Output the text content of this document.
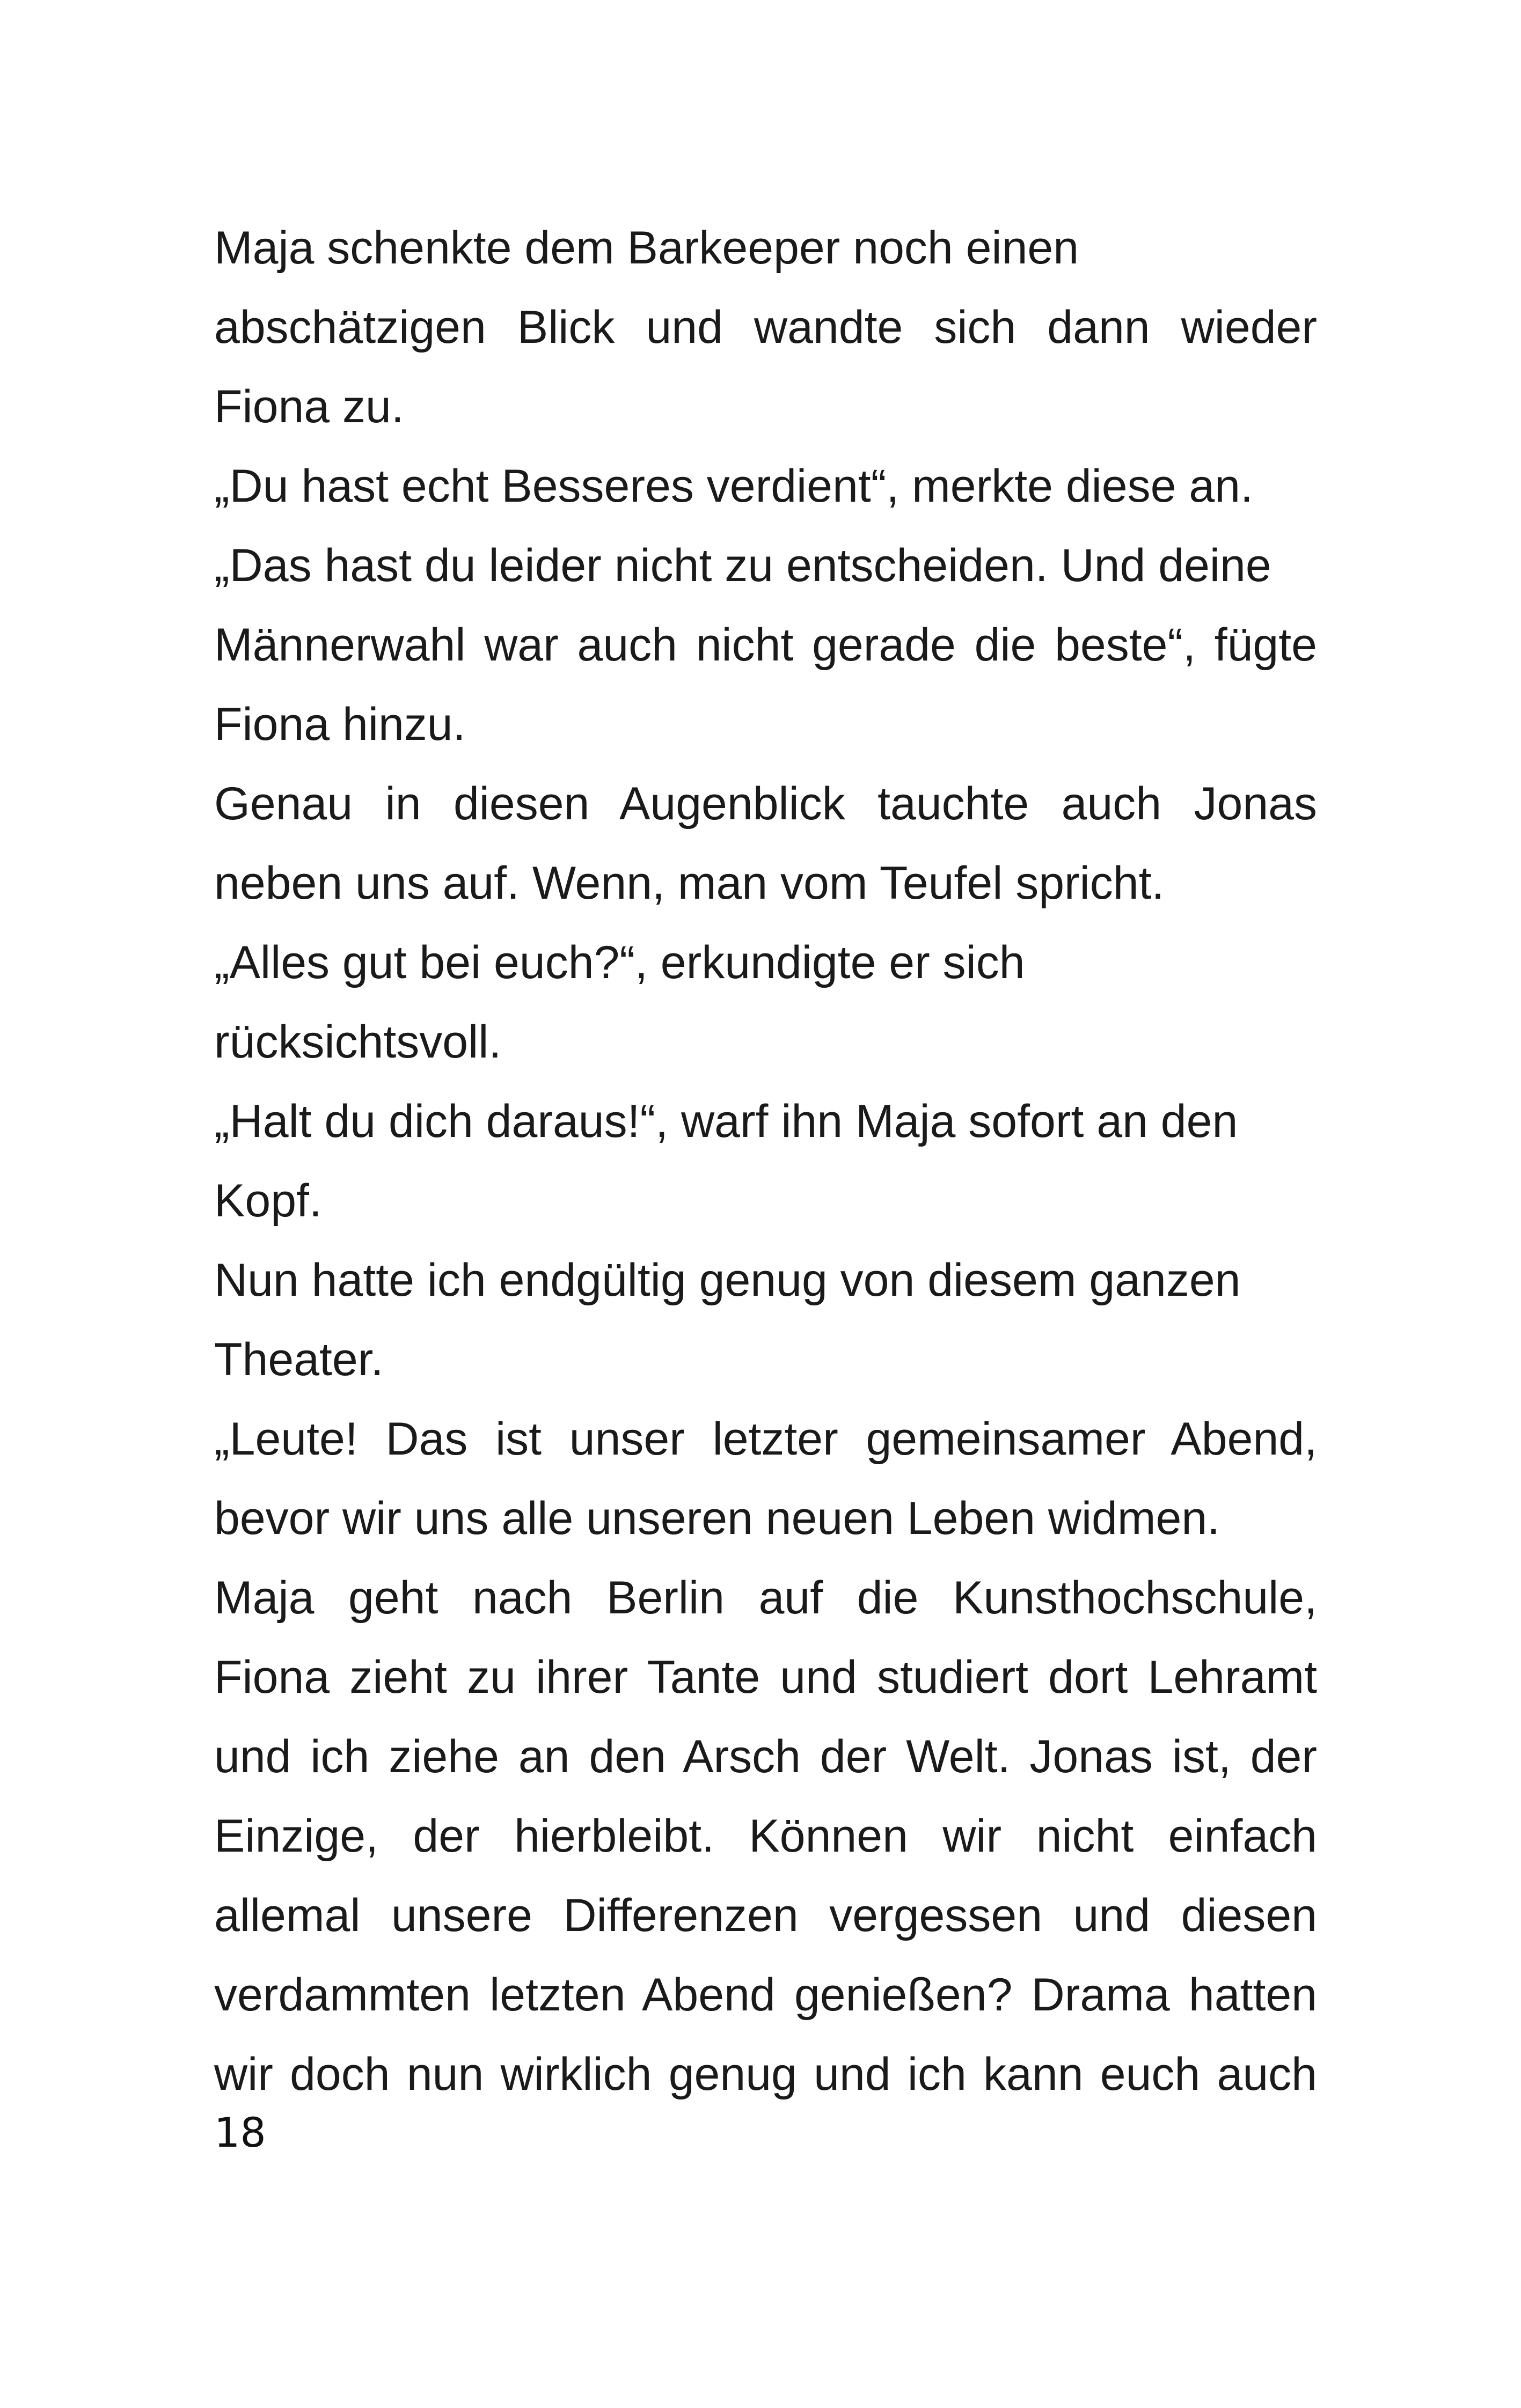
Maja schenkte dem Barkeeper noch einen
abschätzigen Blick und wandte sich dann wieder
Fiona zu.
„Du hast echt Besseres verdient“, merkte diese an.
„Das hast du leider nicht zu entscheiden. Und deine
Männerwahl war auch nicht gerade die beste“, fügte
Fiona hinzu.
Genau in diesen Augenblick tauchte auch Jonas
neben uns auf. Wenn, man vom Teufel spricht.
„Alles gut bei euch?“, erkundigte er sich
rücksichtsvoll.
„Halt du dich daraus!“, warf ihn Maja sofort an den
Kopf.
Nun hatte ich endgültig genug von diesem ganzen
Theater.
„Leute! Das ist unser letzter gemeinsamer Abend,
bevor wir uns alle unseren neuen Leben widmen.
Maja geht nach Berlin auf die Kunsthochschule,
Fiona zieht zu ihrer Tante und studiert dort Lehramt
und ich ziehe an den Arsch der Welt. Jonas ist, der
Einzige, der hierbleibt. Können wir nicht einfach
allemal unsere Differenzen vergessen und diesen
verdammten letzten Abend genießen? Drama hatten
wir doch nun wirklich genug und ich kann euch auch
18
